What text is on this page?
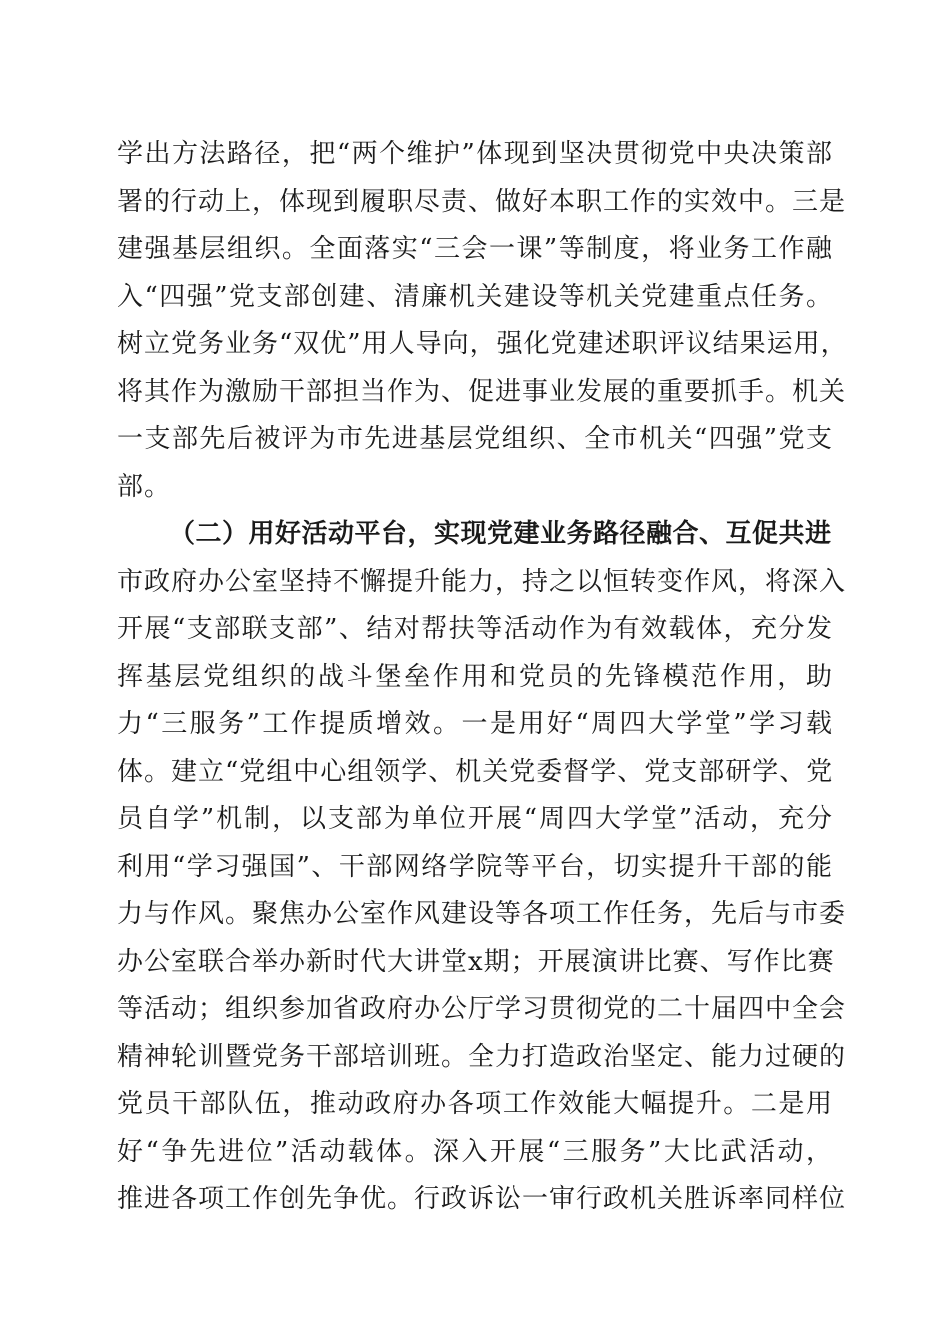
学出方法路径，把“两个维护”体现到坚决贯彻党中央决策部
署的行动上，体现到履职尽责、做好本职工作的实效中。三是
建强基层组织。全面落实“三会一课”等制度，将业务工作融
入“四强”党支部创建、清廉机关建设等机关党建重点任务。
树立党务业务“双优”用人导向，强化党建述职评议结果运用，
将其作为激励干部担当作为、促进事业发展的重要抓手。机关
一支部先后被评为市先进基层党组织、全市机关“四强”党支
部。
（二）用好活动平台，实现党建业务路径融合、互促共进
市政府办公室坚持不懈提升能力，持之以恒转变作风，将深入
开展“支部联支部”、结对帮扶等活动作为有效载体，充分发
挥基层党组织的战斗堡垒作用和党员的先锋模范作用，助
力“三服务”工作提质增效。一是用好“周四大学堂”学习载
体。建立“党组中心组领学、机关党委督学、党支部研学、党
员自学”机制，以支部为单位开展“周四大学堂”活动，充分
利用“学习强国”、干部网络学院等平台，切实提升干部的能
力与作风。聚焦办公室作风建设等各项工作任务，先后与市委
办公室联合举办新时代大讲堂x期；开展演讲比赛、写作比赛
等活动；组织参加省政府办公厅学习贯彻党的二十届四中全会
精神轮训暨党务干部培训班。全力打造政治坚定、能力过硬的
党员干部队伍，推动政府办各项工作效能大幅提升。二是用
好“争先进位”活动载体。深入开展“三服务”大比武活动，
推进各项工作创先争优。行政诉讼一审行政机关胜诉率同样位
